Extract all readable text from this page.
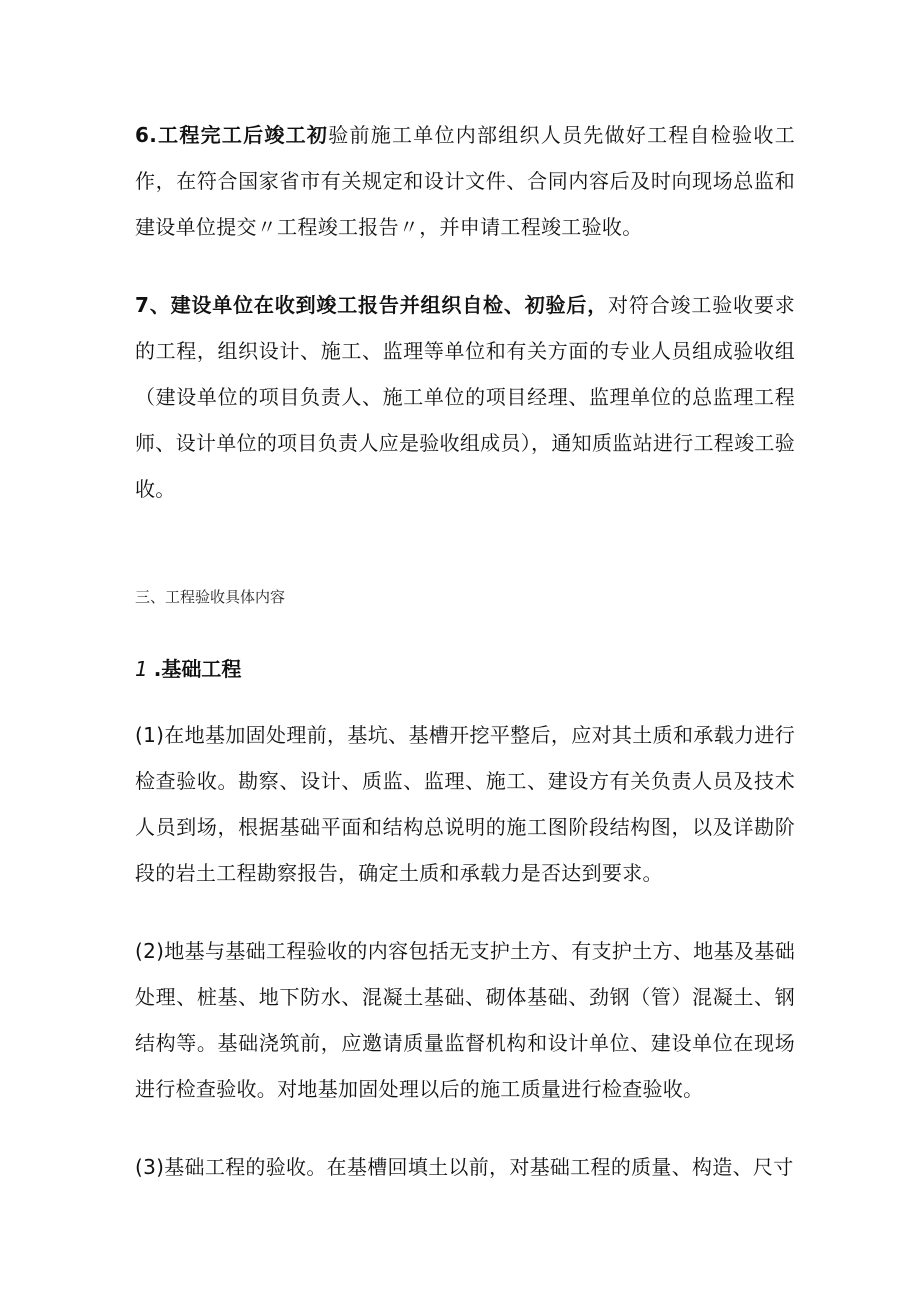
6.工程完工后竣工初验前施工单位内部组织人员先做好工程自检验收工作，在符合国家省市有关规定和设计文件、合同内容后及时向现场总监和建设单位提交〃工程竣工报告〃，并申请工程竣工验收。

7、建设单位在收到竣工报告并组织自检、初验后，对符合竣工验收要求的工程，组织设计、施工、监理等单位和有关方面的专业人员组成验收组（建设单位的项目负责人、施工单位的项目经理、监理单位的总监理工程师、设计单位的项目负责人应是验收组成员），通知质监站进行工程竣工验收。

三、工程验收具体内容

1 .基础工程

(1)在地基加固处理前，基坑、基槽开挖平整后，应对其土质和承载力进行检查验收。勘察、设计、质监、监理、施工、建设方有关负责人员及技术人员到场，根据基础平面和结构总说明的施工图阶段结构图，以及详勘阶段的岩土工程勘察报告，确定土质和承载力是否达到要求。

(2)地基与基础工程验收的内容包括无支护土方、有支护土方、地基及基础处理、桩基、地下防水、混凝土基础、砌体基础、劲钢（管）混凝土、钢结构等。基础浇筑前，应邀请质量监督机构和设计单位、建设单位在现场进行检查验收。对地基加固处理以后的施工质量进行检查验收。

(3)基础工程的验收。在基槽回填土以前，对基础工程的质量、构造、尺寸
